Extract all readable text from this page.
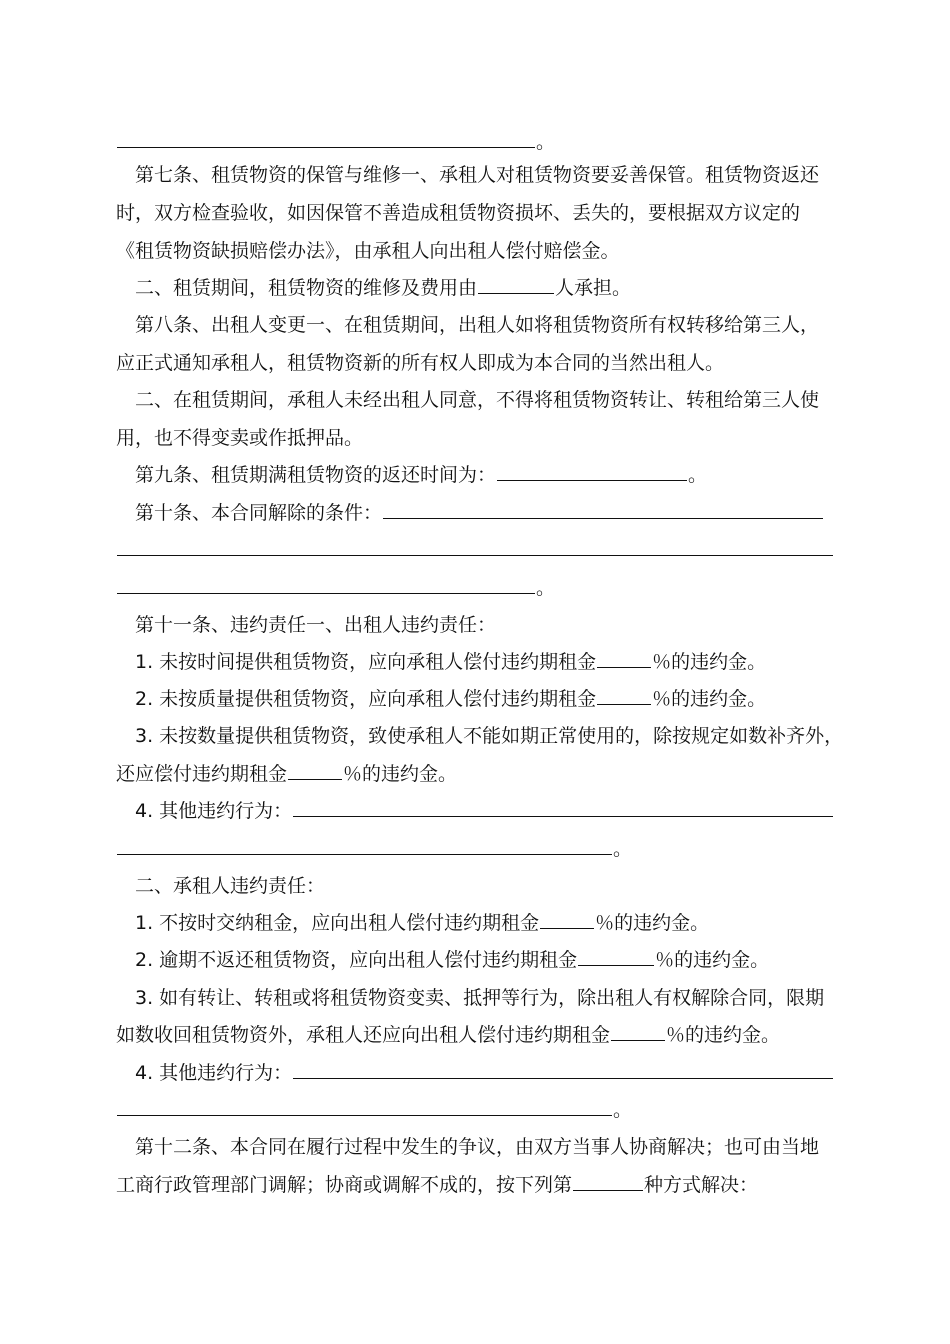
。
第七条、租赁物资的保管与维修一、承租人对租赁物资要妥善保管。租赁物资返还
时，双方检查验收，如因保管不善造成租赁物资损坏、丢失的，要根据双方议定的
《租赁物资缺损赔偿办法》，由承租人向出租人偿付赔偿金。
二、租赁期间，租赁物资的维修及费用由	人承担。
第八条、出租人变更一、在租赁期间，出租人如将租赁物资所有权转移给第三人，
应正式通知承租人，租赁物资新的所有权人即成为本合同的当然出租人。
二、在租赁期间，承租人未经出租人同意，不得将租赁物资转让、转租给第三人使
用，也不得变卖或作抵押品。
第九条、租赁期满租赁物资的返还时间为：	。
第十条、本合同解除的条件：
。
第十一条、违约责任一、出租人违约责任：
1. 未按时间提供租赁物资，应向承租人偿付违约期租金	％的违约金。
2. 未按质量提供租赁物资，应向承租人偿付违约期租金	％的违约金。
3. 未按数量提供租赁物资，致使承租人不能如期正常使用的，除按规定如数补齐外，
还应偿付违约期租金	％的违约金。
4. 其他违约行为：
。
二、承租人违约责任：
1. 不按时交纳租金，应向出租人偿付违约期租金	％的违约金。
2. 逾期不返还租赁物资，应向出租人偿付违约期租金	％的违约金。
3. 如有转让、转租或将租赁物资变卖、抵押等行为，除出租人有权解除合同，限期
如数收回租赁物资外，承租人还应向出租人偿付违约期租金	％的违约金。
4. 其他违约行为：
。
第十二条、本合同在履行过程中发生的争议，由双方当事人协商解决；也可由当地
工商行政管理部门调解；协商或调解不成的，按下列第	种方式解决：
